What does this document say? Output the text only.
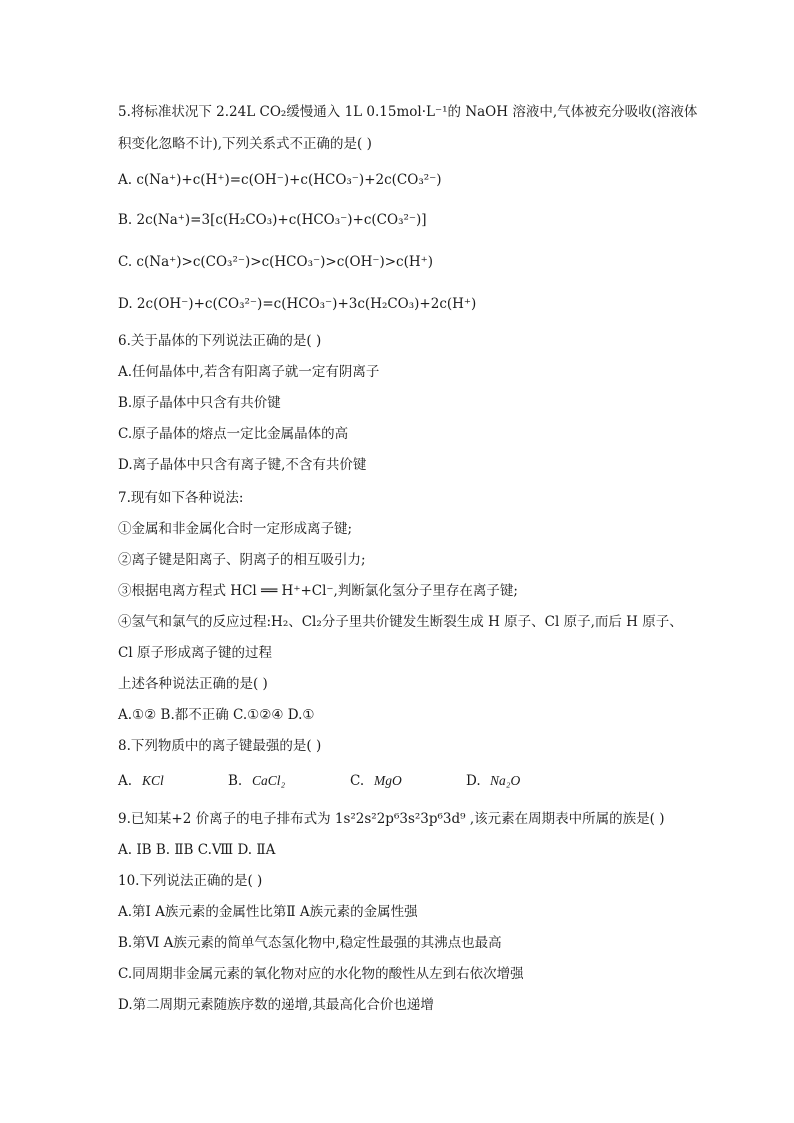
5.将标准状况下 2.24L CO₂缓慢通入 1L 0.15mol·L⁻¹的 NaOH 溶液中,气体被充分吸收(溶液体
积变化忽略不计),下列关系式不正确的是( )
A. c(Na⁺)+c(H⁺)=c(OH⁻)+c(HCO₃⁻)+2c(CO₃²⁻)
B. 2c(Na⁺)=3[c(H₂CO₃)+c(HCO₃⁻)+c(CO₃²⁻)]
C. c(Na⁺)>c(CO₃²⁻)>c(HCO₃⁻)>c(OH⁻)>c(H⁺)
D. 2c(OH⁻)+c(CO₃²⁻)=c(HCO₃⁻)+3c(H₂CO₃)+2c(H⁺)
6.关于晶体的下列说法正确的是( )
A.任何晶体中,若含有阳离子就一定有阴离子
B.原子晶体中只含有共价键
C.原子晶体的熔点一定比金属晶体的高
D.离子晶体中只含有离子键,不含有共价键
7.现有如下各种说法:
①金属和非金属化合时一定形成离子键;
②离子键是阳离子、阴离子的相互吸引力;
③根据电离方程式 HCl ══ H⁺+Cl⁻,判断氯化氢分子里存在离子键;
④氢气和氯气的反应过程:H₂、Cl₂分子里共价键发生断裂生成 H 原子、Cl 原子,而后 H 原子、
Cl 原子形成离子键的过程
上述各种说法正确的是( )
A.①② B.都不正确 C.①②④ D.①
8.下列物质中的离子键最强的是( )
A. KCl	B. CaCl₂	C. MgO	D. Na₂O
9.已知某+2 价离子的电子排布式为 1s²2s²2p⁶3s²3p⁶3d⁹ ,该元素在周期表中所属的族是( )
A. ⅠB B. ⅡB C.Ⅷ D. ⅡA
10.下列说法正确的是( )
A.第Ⅰ A族元素的金属性比第Ⅱ A族元素的金属性强
B.第Ⅵ A族元素的简单气态氢化物中,稳定性最强的其沸点也最高
C.同周期非金属元素的氧化物对应的水化物的酸性从左到右依次增强
D.第二周期元素随族序数的递增,其最高化合价也递增
